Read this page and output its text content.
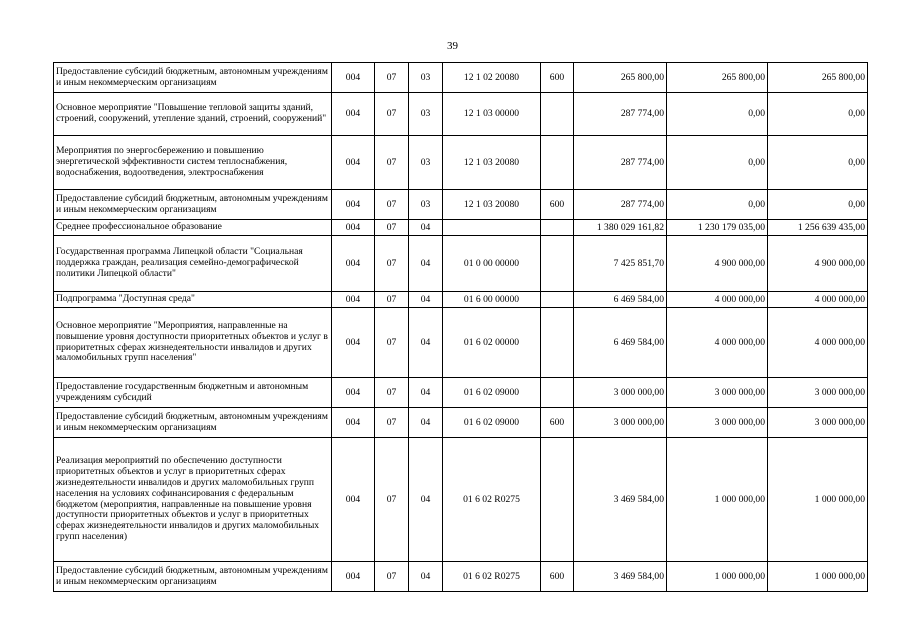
39
Предоставление субсидий бюджетным, автономным учреждениям и иным некоммерческим организациям	004	07	03	12 1 02 20080	600	265 800,00	265 800,00	265 800,00
Основное мероприятие "Повышение тепловой защиты зданий, строений, сооружений, утепление зданий, строений, сооружений"	004	07	03	12 1 03 00000		287 774,00	0,00	0,00
Мероприятия по энергосбережению и повышению энергетической эффективности систем теплоснабжения, водоснабжения, водоотведения, электроснабжения	004	07	03	12 1 03 20080		287 774,00	0,00	0,00
Предоставление субсидий бюджетным, автономным учреждениям и иным некоммерческим организациям	004	07	03	12 1 03 20080	600	287 774,00	0,00	0,00
Среднее профессиональное образование	004	07	04			1 380 029 161,82	1 230 179 035,00	1 256 639 435,00
Государственная программа Липецкой области "Социальная поддержка граждан, реализация семейно-демографической политики Липецкой области"	004	07	04	01 0 00 00000		7 425 851,70	4 900 000,00	4 900 000,00
Подпрограмма "Доступная среда"	004	07	04	01 6 00 00000		6 469 584,00	4 000 000,00	4 000 000,00
Основное мероприятие "Мероприятия, направленные на повышение уровня доступности приоритетных объектов и услуг в приоритетных сферах жизнедеятельности инвалидов и других маломобильных групп населения"	004	07	04	01 6 02 00000		6 469 584,00	4 000 000,00	4 000 000,00
Предоставление государственным бюджетным и автономным учреждениям субсидий	004	07	04	01 6 02 09000		3 000 000,00	3 000 000,00	3 000 000,00
Предоставление субсидий бюджетным, автономным учреждениям и иным некоммерческим организациям	004	07	04	01 6 02 09000	600	3 000 000,00	3 000 000,00	3 000 000,00
Реализация мероприятий по обеспечению доступности приоритетных объектов и услуг в приоритетных сферах жизнедеятельности инвалидов и других маломобильных групп населения на условиях софинансирования с федеральным бюджетом (мероприятия, направленные на повышение уровня доступности приоритетных объектов и услуг в приоритетных сферах жизнедеятельности инвалидов и других маломобильных групп населения)	004	07	04	01 6 02 R0275		3 469 584,00	1 000 000,00	1 000 000,00
Предоставление субсидий бюджетным, автономным учреждениям и иным некоммерческим организациям	004	07	04	01 6 02 R0275	600	3 469 584,00	1 000 000,00	1 000 000,00
